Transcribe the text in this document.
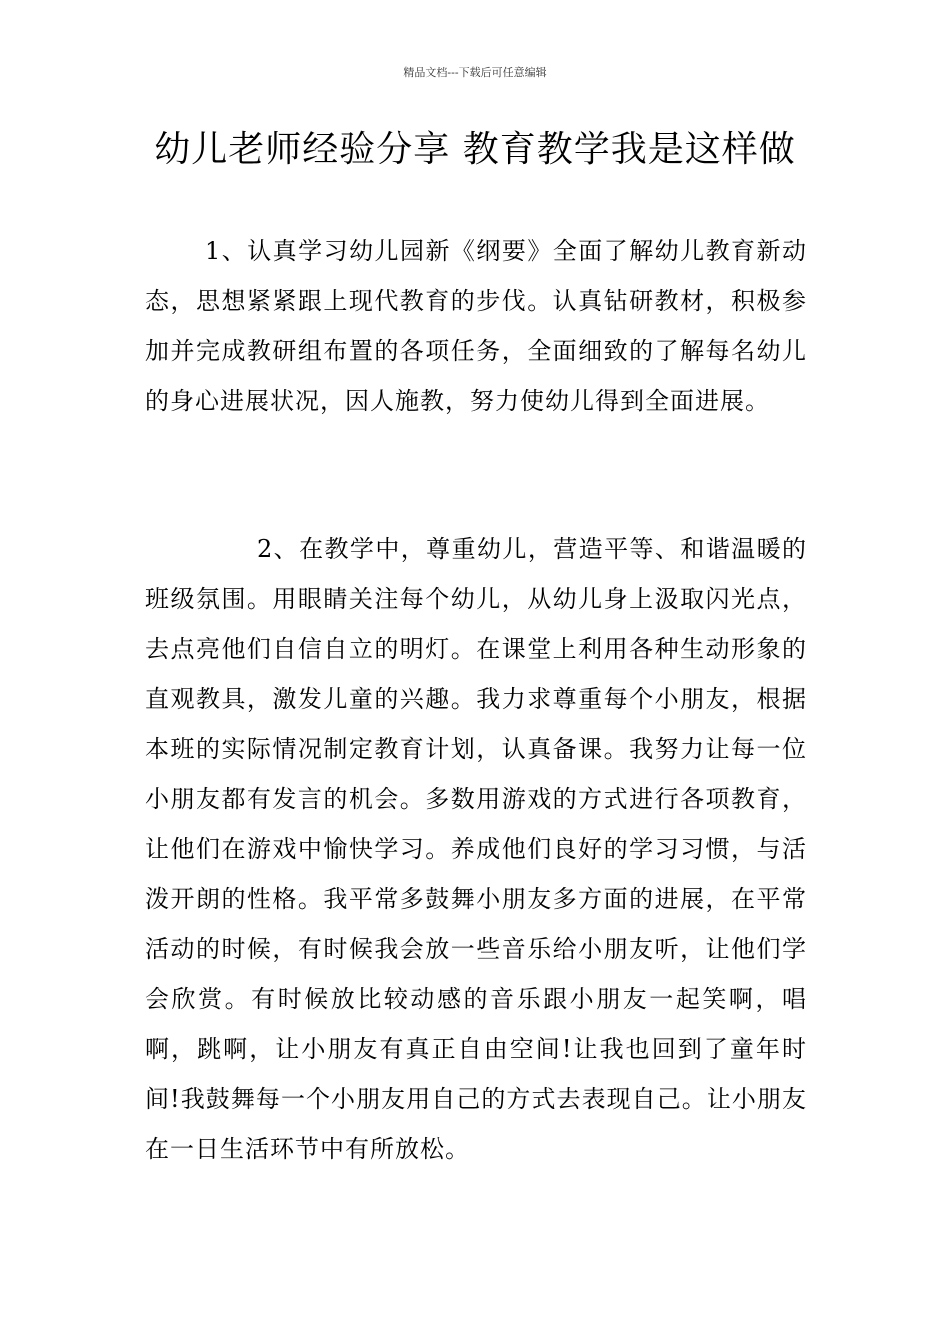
精品文档---下载后可任意编辑
幼儿老师经验分享 教育教学我是这样做

1、认真学习幼儿园新《纲要》全面了解幼儿教育新动态，思想紧紧跟上现代教育的步伐。认真钻研教材，积极参加并完成教研组布置的各项任务，全面细致的了解每名幼儿的身心进展状况，因人施教，努力使幼儿得到全面进展。

2、在教学中，尊重幼儿，营造平等、和谐温暖的班级氛围。用眼睛关注每个幼儿，从幼儿身上汲取闪光点，去点亮他们自信自立的明灯。在课堂上利用各种生动形象的直观教具，激发儿童的兴趣。我力求尊重每个小朋友，根据本班的实际情况制定教育计划，认真备课。我努力让每一位小朋友都有发言的机会。多数用游戏的方式进行各项教育，让他们在游戏中愉快学习。养成他们良好的学习习惯，与活泼开朗的性格。我平常多鼓舞小朋友多方面的进展，在平常活动的时候，有时候我会放一些音乐给小朋友听，让他们学会欣赏。有时候放比较动感的音乐跟小朋友一起笑啊，唱啊，跳啊，让小朋友有真正自由空间!让我也回到了童年时间!我鼓舞每一个小朋友用自己的方式去表现自己。让小朋友在一日生活环节中有所放松。
